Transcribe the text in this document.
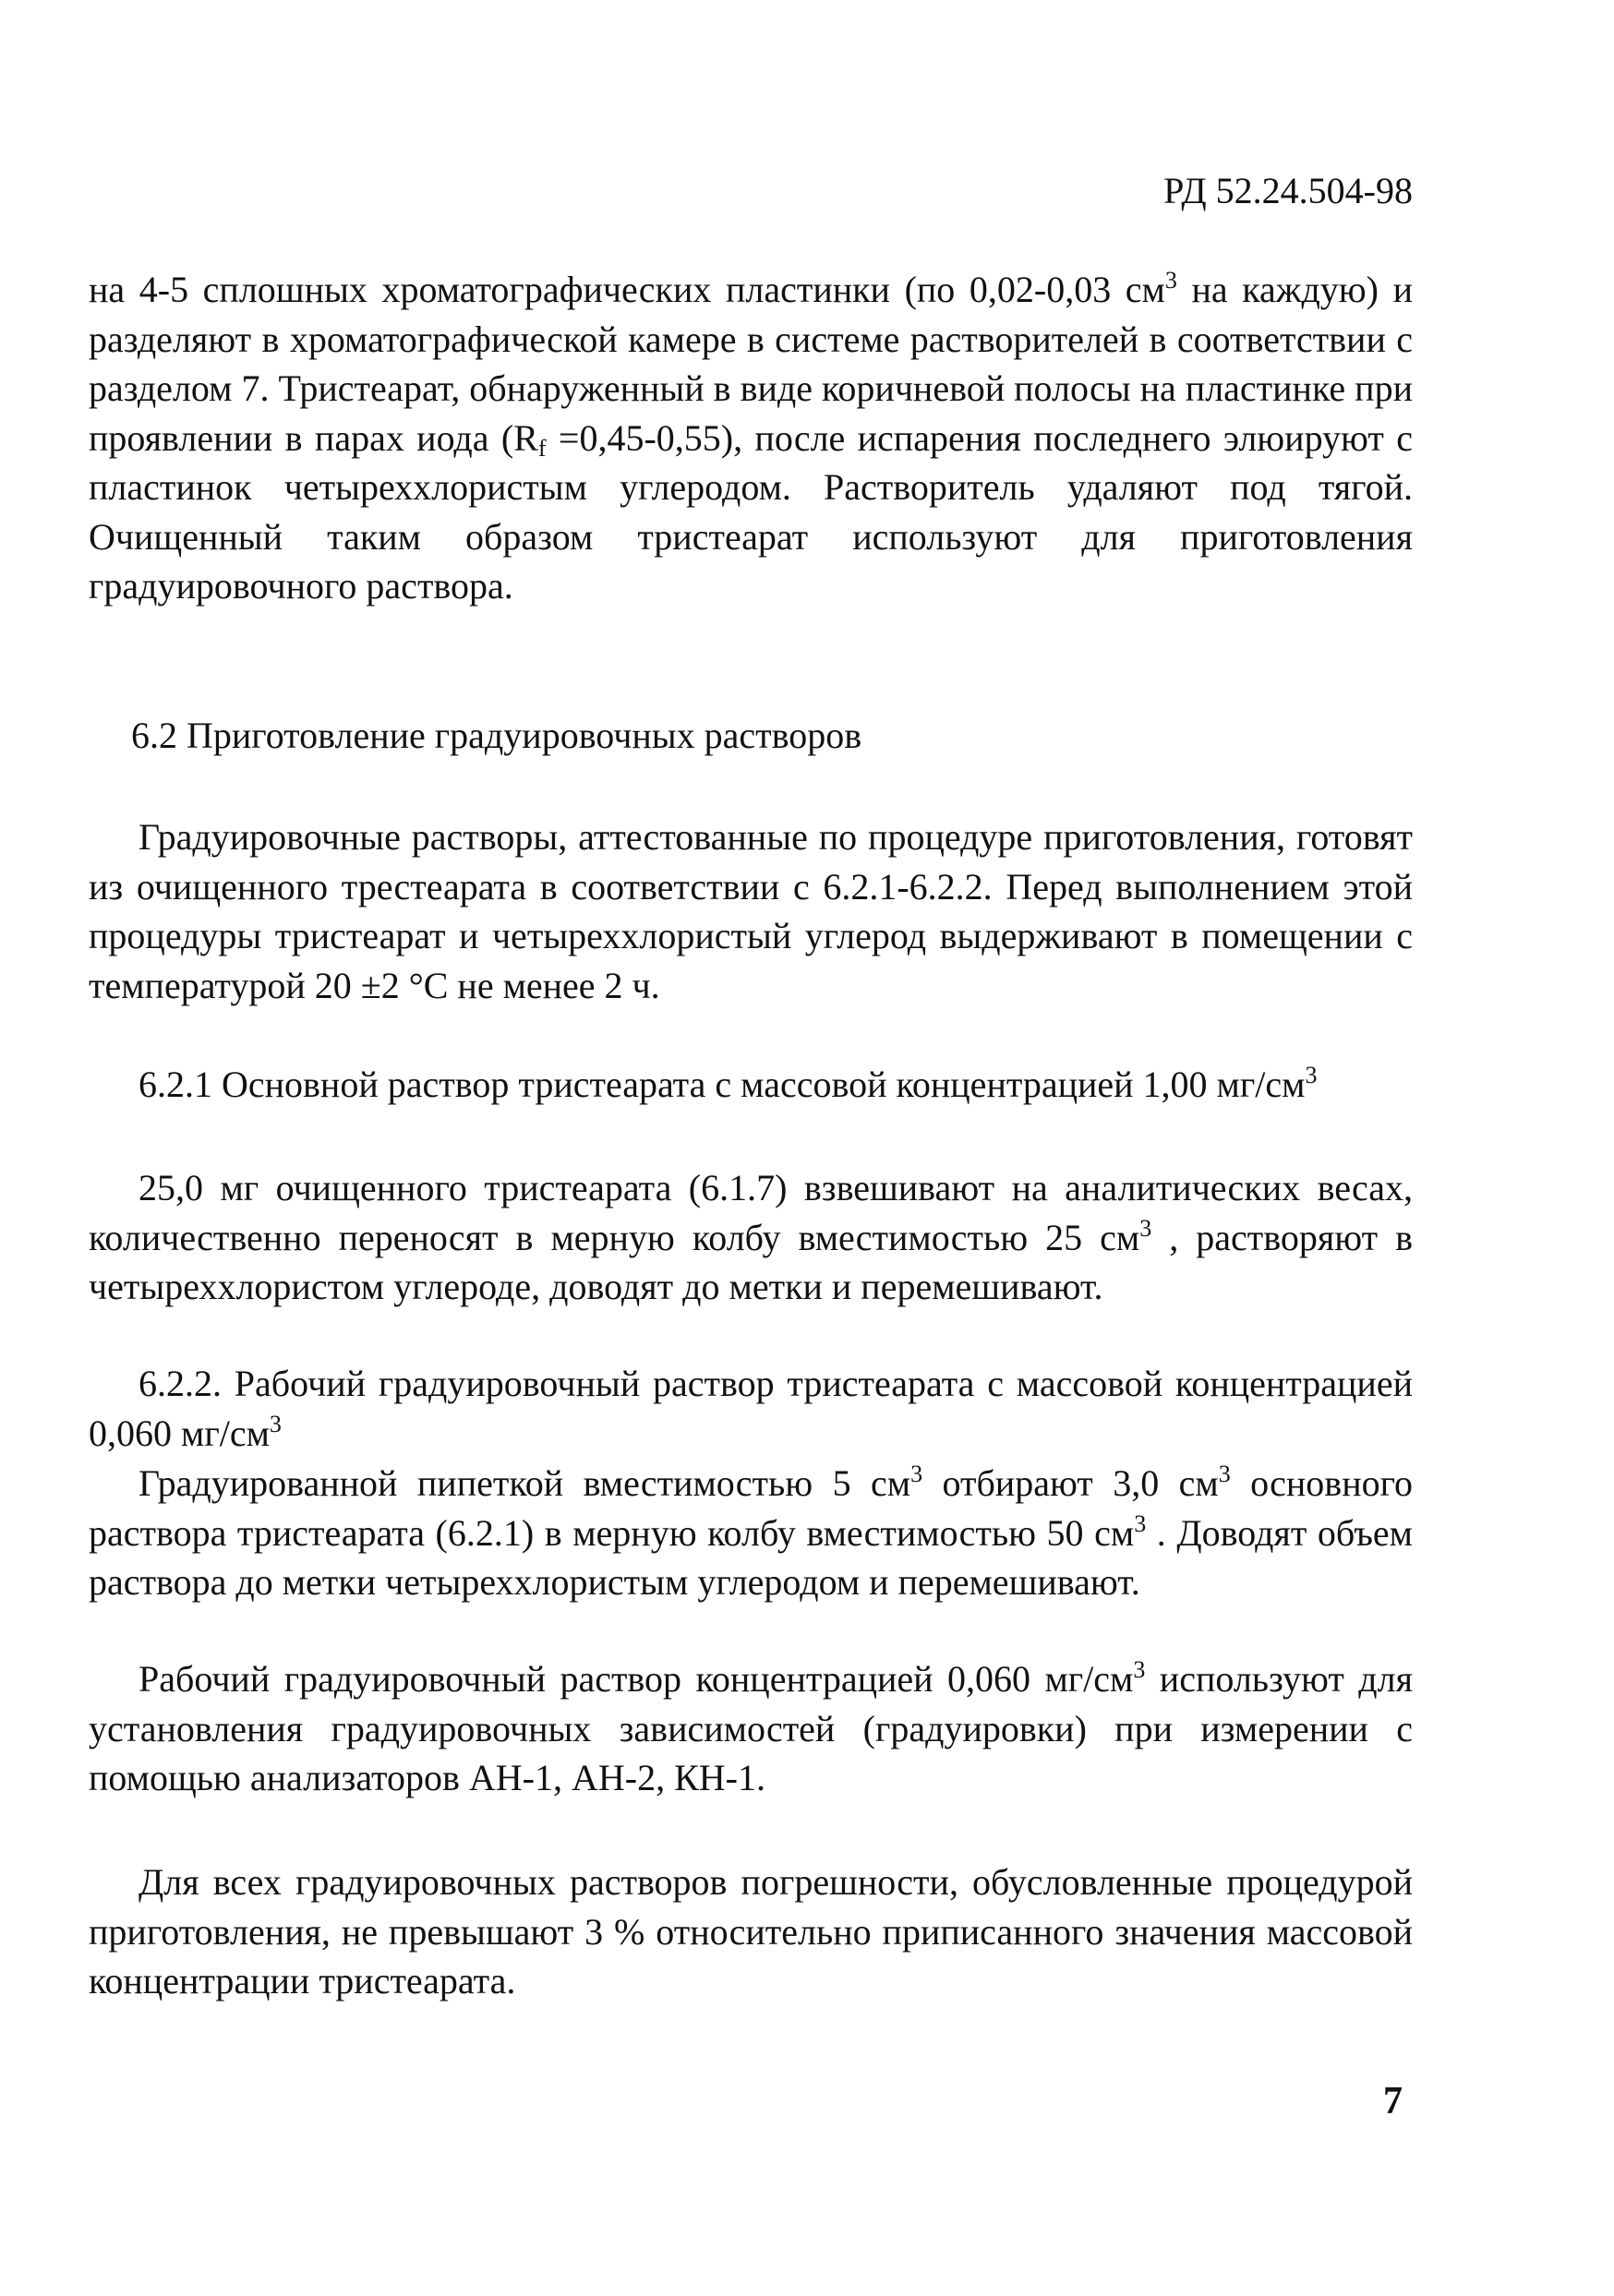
РД 52.24.504-98

на 4-5 сплошных хроматографических пластинки (по 0,02-0,03 $см^3$ на каждую) и разделяют в хроматографической камере в системе растворителей в соответствии с разделом 7. Тристеарат, обнаруженный в виде коричневой полосы на пластинке при проявлении в парах иода $(R_f =0,45-0,55)$, после испарения последнего элюируют с пластинок четыреххлористым углеродом. Растворитель удаляют под тягой. Очищенный таким образом тристеарат используют для приготовления градуировочного раствора.

6.2 Приготовление градуировочных растворов

Градуировочные растворы, аттестованные по процедуре приготовления, готовят из очищенного трестеарата в соответствии с 6.2.1-6.2.2. Перед выполнением этой процедуры тристеарат и четыреххлористый углерод выдерживают в помещении с температурой 20 ±2 °С не менее 2 ч.

6.2.1 Основной раствор тристеарата с массовой концентрацией 1,00 $мг/см^3$

25,0 мг очищенного тристеарата (6.1.7) взвешивают на аналитических весах, количественно переносят в мерную колбу вместимостью 25 $см^3$ , растворяют в четыреххлористом углероде, доводят до метки и перемешивают.

6.2.2. Рабочий градуировочный раствор тристеарата с массовой концентрацией 0,060 $мг/см^3$

Градуированной пипеткой вместимостью 5 $см^3$ отбирают 3,0 $см^3$ основного раствора тристеарата (6.2.1) в мерную колбу вместимостью 50 $см^3$ . Доводят объем раствора до метки четыреххлористым углеродом и перемешивают.

Рабочий градуировочный раствор концентрацией 0,060 $мг/см^3$ используют для установления градуировочных зависимостей (градуировки) при измерении с помощью анализаторов АН-1, АН-2, КН-1.

Для всех градуировочных растворов погрешности, обусловленные процедурой приготовления, не превышают 3 % относительно приписанного значения массовой концентрации тристеарата.

7
